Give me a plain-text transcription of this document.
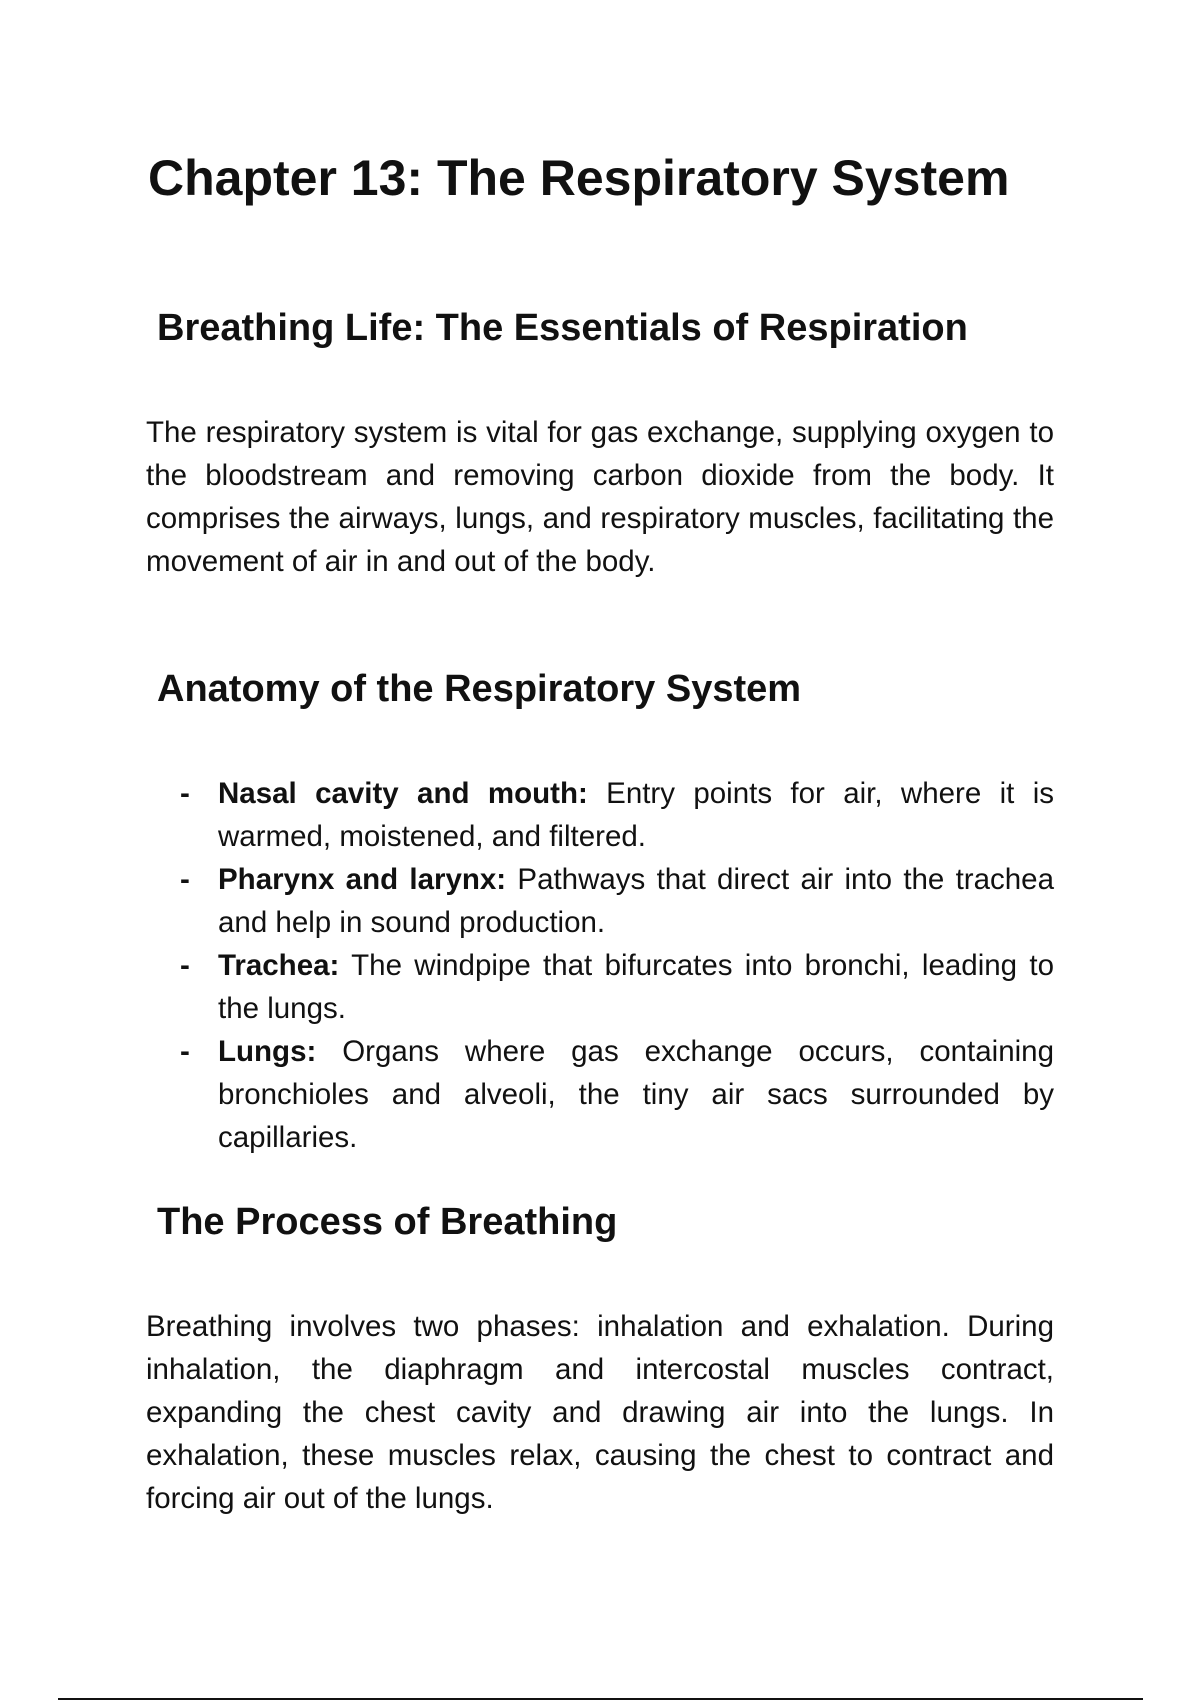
Chapter 13: The Respiratory System
Breathing Life: The Essentials of Respiration

The respiratory system is vital for gas exchange, supplying oxygen to the bloodstream and removing carbon dioxide from the body. It comprises the airways, lungs, and respiratory muscles, facilitating the movement of air in and out of the body.

Anatomy of the Respiratory System
- Nasal cavity and mouth: Entry points for air, where it is warmed, moistened, and filtered.
- Pharynx and larynx: Pathways that direct air into the trachea and help in sound production.
- Trachea: The windpipe that bifurcates into bronchi, leading to the lungs.
- Lungs: Organs where gas exchange occurs, containing bronchioles and alveoli, the tiny air sacs surrounded by capillaries.
The Process of Breathing

Breathing involves two phases: inhalation and exhalation. During inhalation, the diaphragm and intercostal muscles contract, expanding the chest cavity and drawing air into the lungs. In exhalation, these muscles relax, causing the chest to contract and forcing air out of the lungs.
